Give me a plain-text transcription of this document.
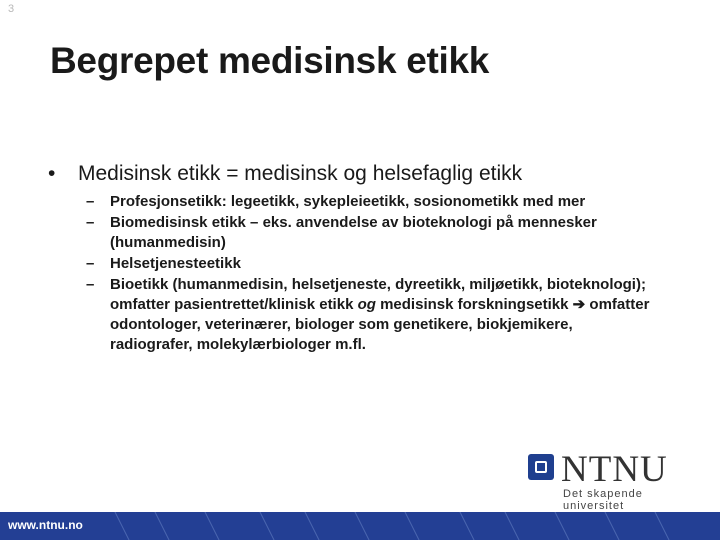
3
Begrepet medisinsk etikk
•	Medisinsk etikk = medisinsk og helsefaglig etikk
–	Profesjonsetikk: legeetikk, sykepleieetikk, sosionometikk med mer
–	Biomedisinsk etikk – eks. anvendelse av bioteknologi på mennesker (humanmedisin)
–	Helsetjenesteetikk
–	Bioetikk (humanmedisin, helsetjeneste, dyreetikk, miljøetikk, bioteknologi); omfatter pasientrettet/klinisk etikk og medisinsk forskningsetikk ➔ omfatter odontologer, veterinærer, biologer som genetikere, biokjemikere, radiografer, molekylærbiologer m.fl.
NTNU
Det skapende universitet
www.ntnu.no
